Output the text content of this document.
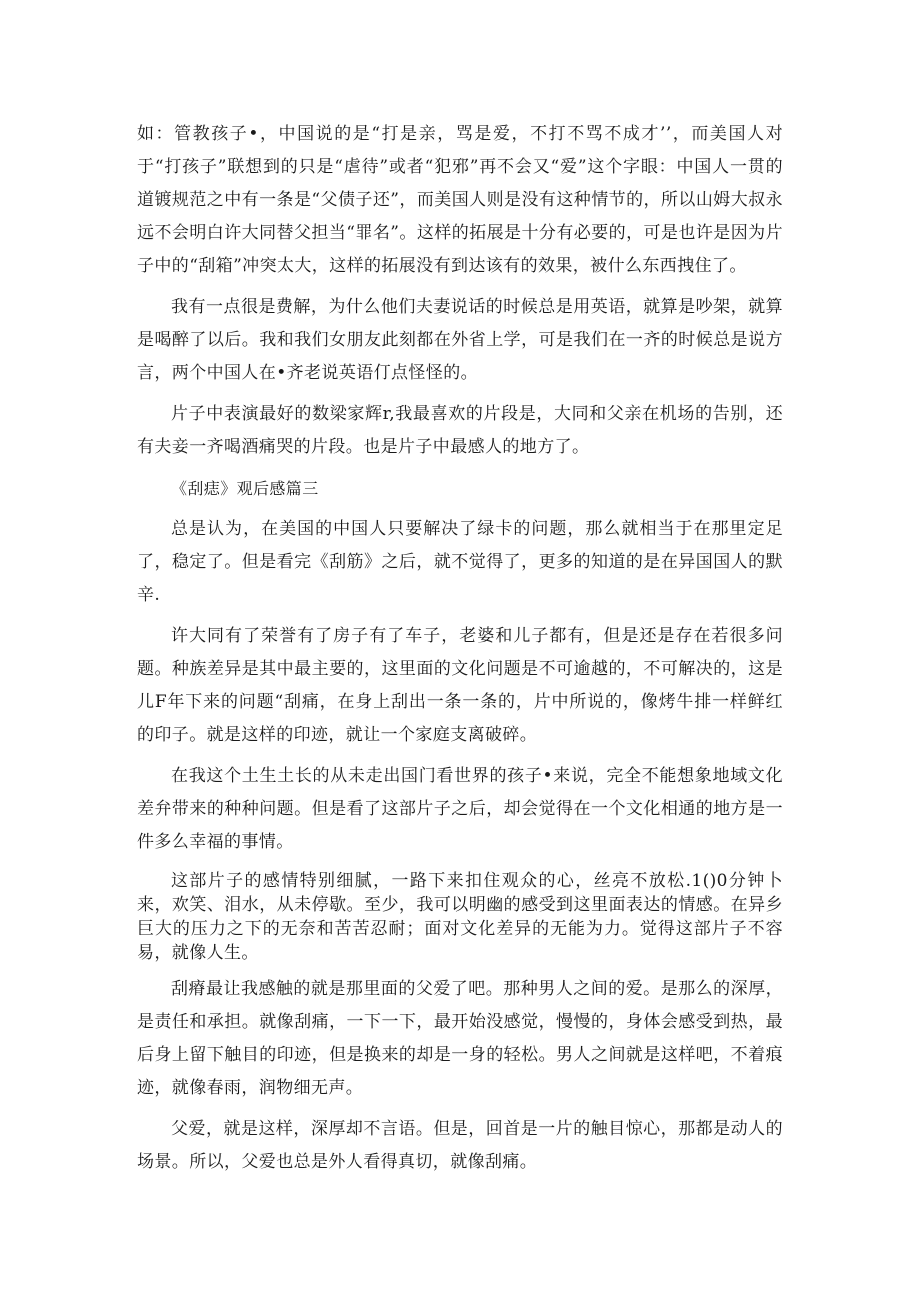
如：管教孩子•，中国说的是“打是亲，骂是爱，不打不骂不成才’’，而美国人对于“打孩子”联想到的只是“虐待”或者“犯邪”再不会又“爱”这个字眼：中国人一贯的道镀规范之中有一条是“父债子还”，而美国人则是没有这种情节的，所以山姆大叔永远不会明白许大同替父担当“罪名”。这样的拓展是十分有必要的，可是也许是因为片子中的“刮箱”冲突太大，这样的拓展没有到达该有的效果，被什么东西拽住了。

我有一点很是费解，为什么他们夫妻说话的时候总是用英语，就算是吵架，就算是喝醉了以后。我和我们女朋友此刻都在外省上学，可是我们在一齐的时候总是说方言，两个中国人在•齐老说英语仃点怪怪的。

片子中表演最好的数梁家辉r,我最喜欢的片段是，大同和父亲在机场的告别，还有夫妾一齐喝酒痛哭的片段。也是片子中最感人的地方了。

《刮痣》观后感篇三

总是认为，在美国的中国人只要解决了绿卡的问题，那么就相当于在那里定足了，稳定了。但是看完《刮筋》之后，就不觉得了，更多的知道的是在异国国人的默辛.

许大同有了荣誉有了房子有了车子，老婆和儿子都有，但是还是存在若很多问题。种族差异是其中最主要的，这里面的文化问题是不可逾越的，不可解决的，这是儿F年下来的问题“刮痛，在身上刮出一条一条的，片中所说的，像烤牛排一样鲜红的印子。就是这样的印迹，就让一个家庭支离破碎。

在我这个土生土长的从未走出国门看世界的孩子•来说，完全不能想象地域文化差弁带来的种种问题。但是看了这部片子之后，却会觉得在一个文化相通的地方是一件多么幸福的事情。

这部片子的感情特别细腻，一路下来扣住观众的心，丝亮不放松.1()0分钟卜来，欢笑、泪水，从未停歇。至少，我可以明幽的感受到这里面表达的情感。在异乡巨大的压力之下的无奈和苦苦忍耐；面对文化差异的无能为力。觉得这部片子不容易，就像人生。

刮瘠最让我感触的就是那里面的父爱了吧。那种男人之间的爱。是那么的深厚，是责任和承担。就像刮痛，一下一下，最开始没感觉，慢慢的，身体会感受到热，最后身上留下触目的印迹，但是换来的却是一身的轻松。男人之间就是这样吧，不着痕迹，就像春雨，润物细无声。

父爱，就是这样，深厚却不言语。但是，回首是一片的触目惊心，那都是动人的场景。所以，父爱也总是外人看得真切，就像刮痛。
